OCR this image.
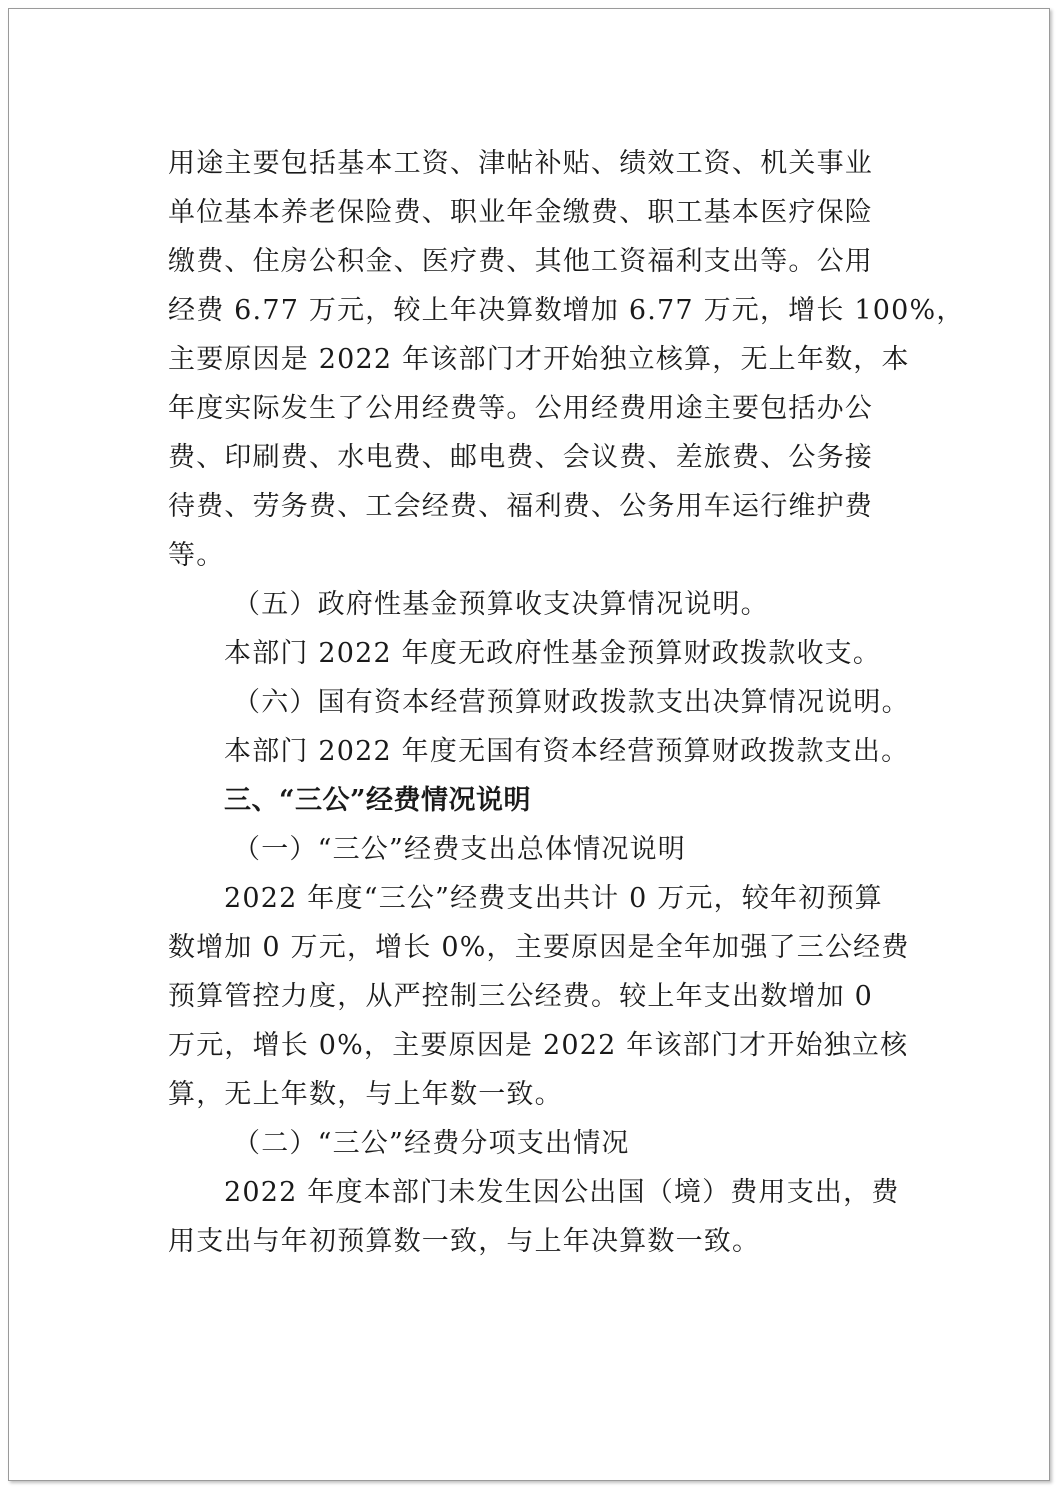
用途主要包括基本工资、津帖补贴、绩效工资、机关事业
单位基本养老保险费、职业年金缴费、职工基本医疗保险
缴费、住房公积金、医疗费、其他工资福利支出等。公用
经费 6.77 万元，较上年决算数增加 6.77 万元，增长 100%，
主要原因是 2022 年该部门才开始独立核算，无上年数，本
年度实际发生了公用经费等。公用经费用途主要包括办公
费、印刷费、水电费、邮电费、会议费、差旅费、公务接
待费、劳务费、工会经费、福利费、公务用车运行维护费
等。
（五）政府性基金预算收支决算情况说明。
本部门 2022 年度无政府性基金预算财政拨款收支。
（六）国有资本经营预算财政拨款支出决算情况说明。
本部门 2022 年度无国有资本经营预算财政拨款支出。
三、“三公”经费情况说明
（一）“三公”经费支出总体情况说明
2022 年度“三公”经费支出共计 0 万元，较年初预算
数增加 0 万元，增长 0%，主要原因是全年加强了三公经费
预算管控力度，从严控制三公经费。较上年支出数增加 0
万元，增长 0%，主要原因是 2022 年该部门才开始独立核
算，无上年数，与上年数一致。
（二）“三公”经费分项支出情况
2022 年度本部门未发生因公出国（境）费用支出，费
用支出与年初预算数一致，与上年决算数一致。
